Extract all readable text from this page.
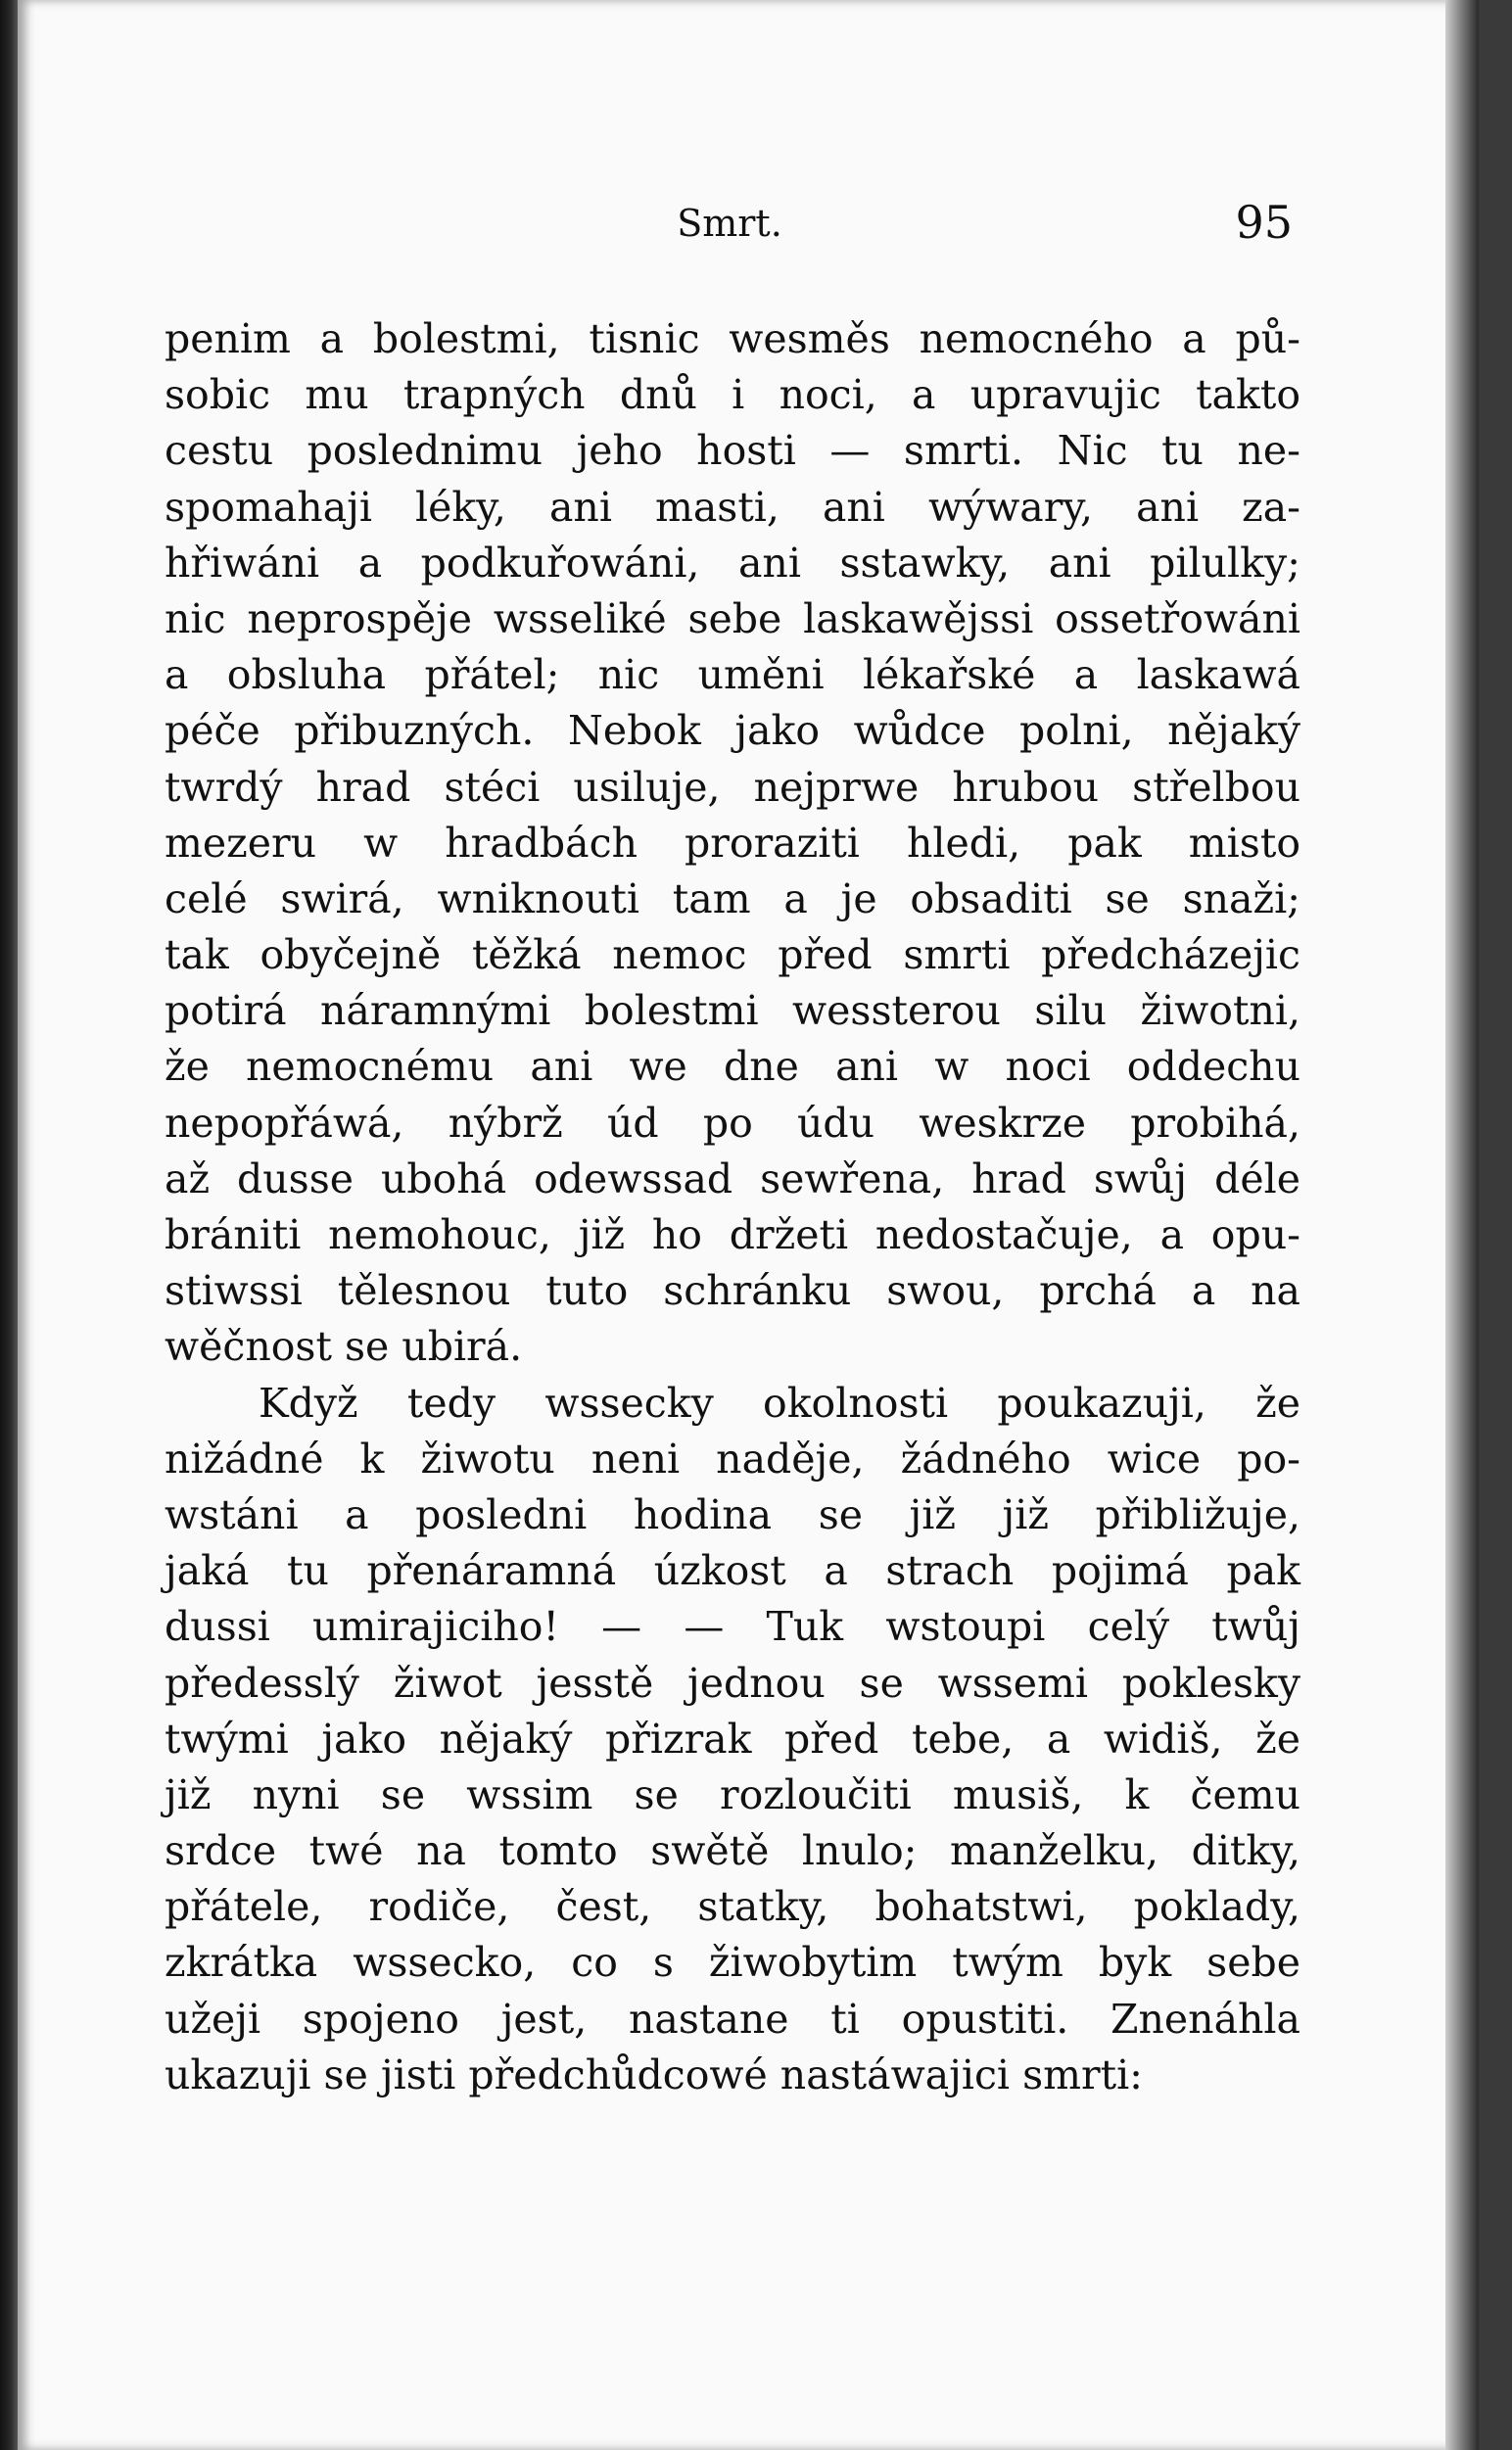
Smrt.	95
penim a bolestmi, tisnic wesměs nemocného a pů-
sobic mu trapných dnů i noci, a upravujic takto
cestu poslednimu jeho hosti — smrti. Nic tu ne-
spomahaji léky, ani masti, ani wýwary, ani za-
hřiwáni a podkuřowáni, ani sstawky, ani pilulky;
nic neprospěje wsseliké sebe laskawějssi ossetřowáni
a obsluha přátel; nic uměni lékařské a laskawá
péče přibuzných. Nebok jako wůdce polni, nějaký
twrdý hrad stéci usiluje, nejprwe hrubou střelbou
mezeru w hradbách proraziti hledi, pak misto
celé swirá, wniknouti tam a je obsaditi se snaži;
tak obyčejně těžká nemoc před smrti předcházejic
potirá náramnými bolestmi wessterou silu žiwotni,
že nemocnému ani we dne ani w noci oddechu
nepopřáwá, nýbrž úd po údu weskrze probihá,
až dusse ubohá odewssad sewřena, hrad swůj déle
brániti nemohouc, již ho držeti nedostačuje, a opu-
stiwssi tělesnou tuto schránku swou, prchá a na
wěčnost se ubirá.
Když tedy wssecky okolnosti poukazuji, že
nižádné k žiwotu neni naděje, žádného wice po-
wstáni a posledni hodina se již již přibližuje,
jaká tu přenáramná úzkost a strach pojimá pak
dussi umirajiciho! — — Tuk wstoupi celý twůj
předesslý žiwot jesstě jednou se wssemi poklesky
twými jako nějaký přizrak před tebe, a widiš, že
již nyni se wssim se rozloučiti musiš, k čemu
srdce twé na tomto swětě lnulo; manželku, ditky,
přátele, rodiče, čest, statky, bohatstwi, poklady,
zkrátka wssecko, co s žiwobytim twým byk sebe
užeji spojeno jest, nastane ti opustiti. Znenáhla
ukazuji se jisti předchůdcowé nastáwajici smrti:
